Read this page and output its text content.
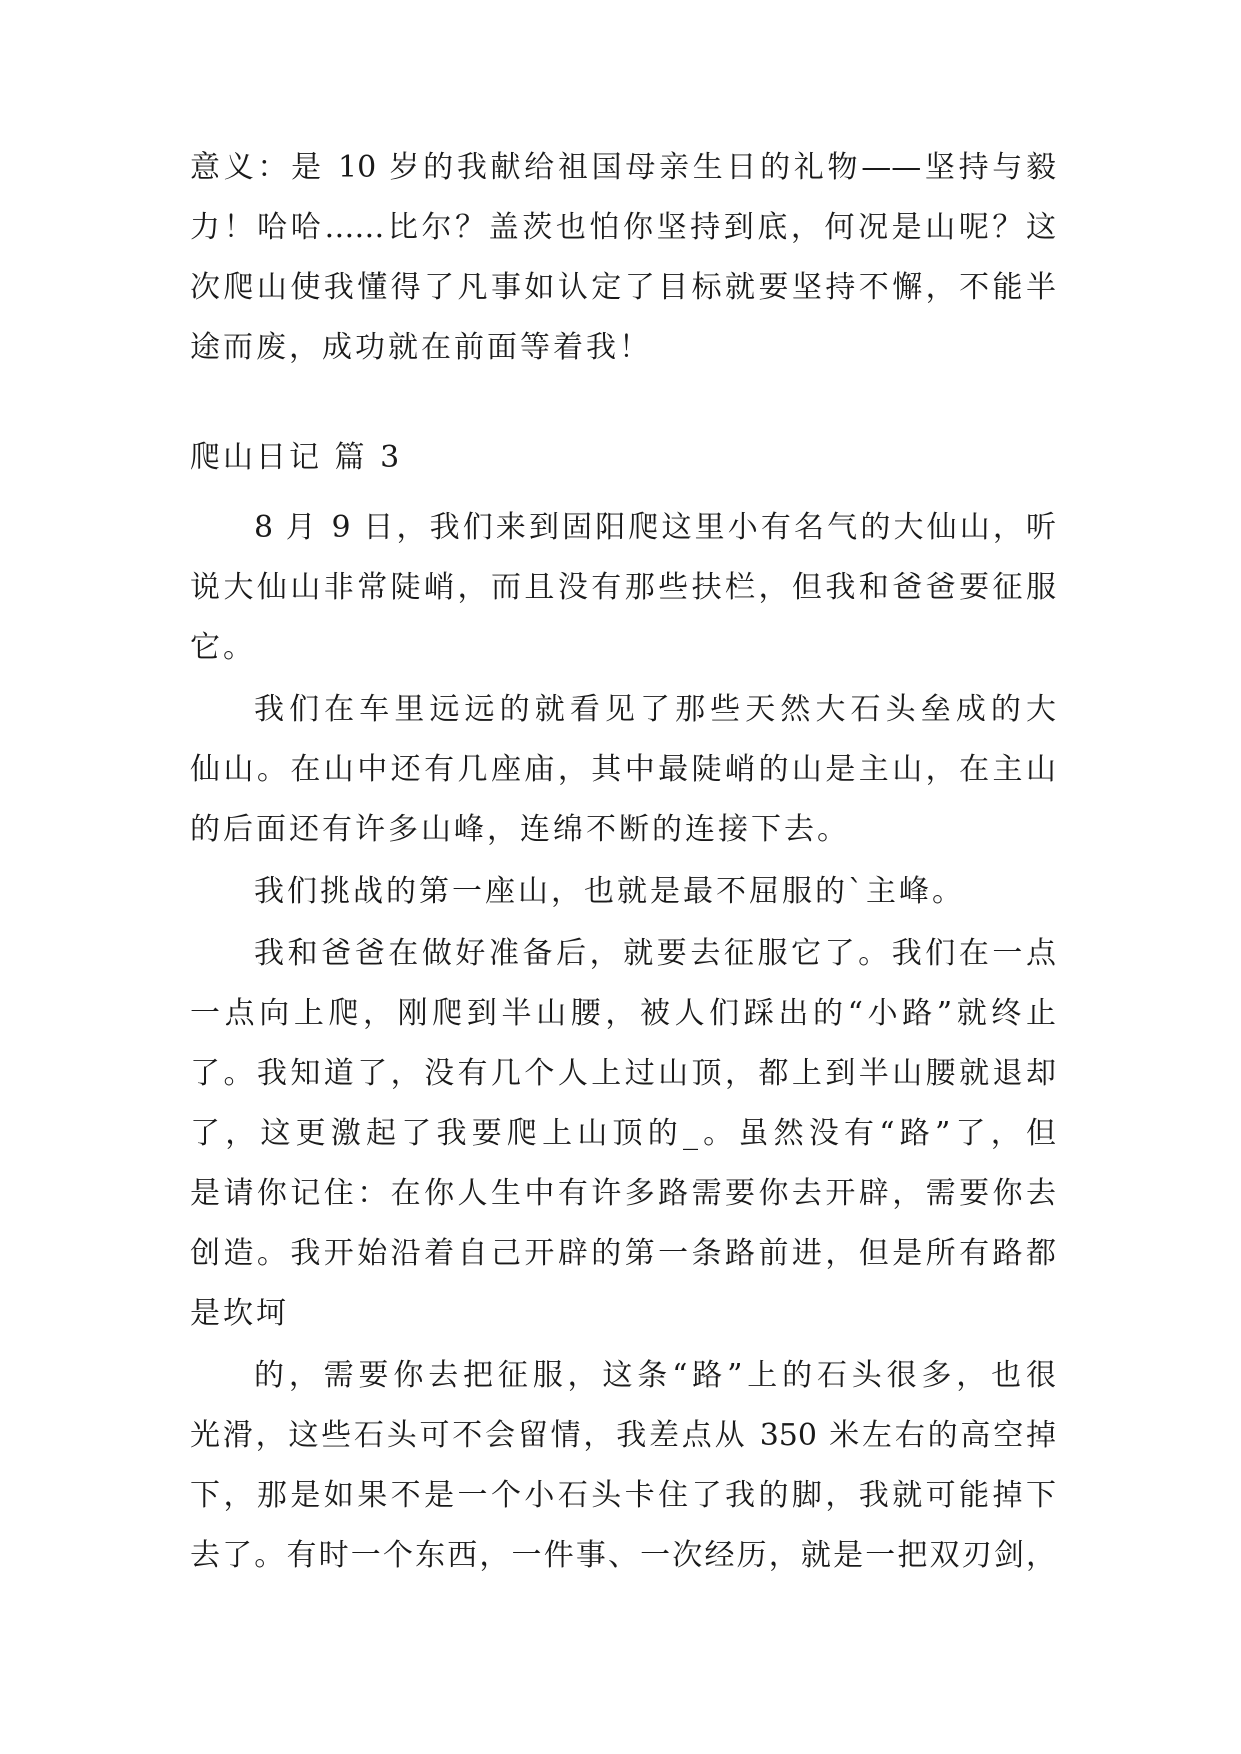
意义：是 10 岁的我献给祖国母亲生日的礼物——坚持与毅
力！哈哈……比尔？盖茨也怕你坚持到底，何况是山呢？这
次爬山使我懂得了凡事如认定了目标就要坚持不懈，不能半
途而废，成功就在前面等着我！
爬山日记 篇 3
8 月 9 日，我们来到固阳爬这里小有名气的大仙山，听
说大仙山非常陡峭，而且没有那些扶栏，但我和爸爸要征服
它。
我们在车里远远的就看见了那些天然大石头垒成的大
仙山。在山中还有几座庙，其中最陡峭的山是主山，在主山
的后面还有许多山峰，连绵不断的连接下去。
我们挑战的第一座山，也就是最不屈服的`主峰。
我和爸爸在做好准备后，就要去征服它了。我们在一点
一点向上爬，刚爬到半山腰，被人们踩出的“小路”就终止
了。我知道了，没有几个人上过山顶，都上到半山腰就退却
了，这更激起了我要爬上山顶的_。虽然没有“路”了，但
是请你记住：在你人生中有许多路需要你去开辟，需要你去
创造。我开始沿着自己开辟的第一条路前进，但是所有路都
是坎坷
的，需要你去把征服，这条“路”上的石头很多，也很
光滑，这些石头可不会留情，我差点从 350 米左右的高空掉
下，那是如果不是一个小石头卡住了我的脚，我就可能掉下
去了。有时一个东西，一件事、一次经历，就是一把双刃剑，
